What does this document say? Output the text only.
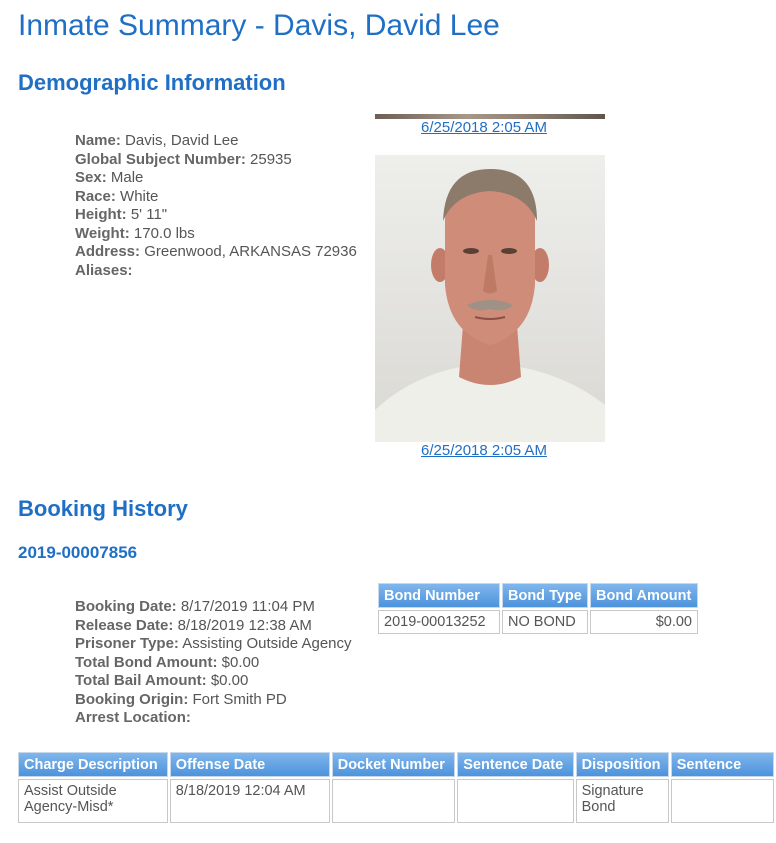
Inmate Summary - Davis, David Lee
Demographic Information
Name: Davis, David Lee
Global Subject Number: 25935
Sex: Male
Race: White
Height: 5' 11"
Weight: 170.0 lbs
Address: Greenwood, ARKANSAS 72936
Aliases:
6/25/2018 2:05 AM
6/25/2018 2:05 AM
Booking History
2019-00007856
Booking Date: 8/17/2019 11:04 PM
Release Date: 8/18/2019 12:38 AM
Prisoner Type: Assisting Outside Agency
Total Bond Amount: $0.00
Total Bail Amount: $0.00
Booking Origin: Fort Smith PD
Arrest Location:
Bond Number	Bond Type	Bond Amount
2019-00013252	NO BOND	$0.00
Charge Description	Offense Date	Docket Number	Sentence Date	Disposition	Sentence
Assist Outside Agency-Misd*	8/18/2019 12:04 AM			Signature Bond	
